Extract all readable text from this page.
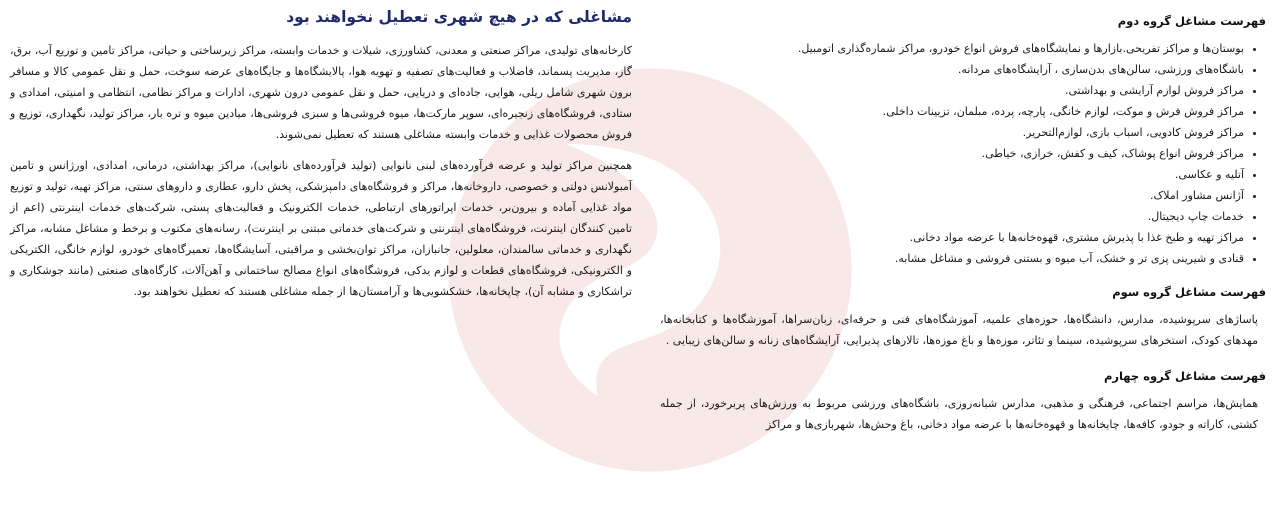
فهرست مشاغل گروه دوم
• بوستان‌ها و مراکز تفریحی.بازارها و نمایشگاه‌های فروش انواع خودرو، مراکز شماره‌گذاری اتومبیل.
• باشگاه‌های ورزشی، سالن‌های بدن‌سازی ، آرایشگاه‌های مردانه.
• مراکز فروش لوازم آرایشی و بهداشتی.
• مراکز فروش فرش و موکت، لوازم خانگی، پارچه، پرده، مبلمان، تزیینات داخلی.
• مراکز فروش کادویی، اسباب بازی، لوازم‌التحریر.
• مراکز فروش انواع پوشاک، کیف و کفش، خرازی، خیاطی.
• آتلیه و عکاسی.
• آژانس مشاور املاک.
• خدمات چاپ دیجیتال.
• مراکز تهیه و طبخ غذا با پذیرش مشتری، قهوه‌خانه‌ها با عرضه مواد دخانی.
• قنادی و شیرینی پزی تر و خشک، آب میوه و بستنی فروشی و مشاغل مشابه.
فهرست مشاغل گروه سوم

پاساژهای سرپوشیده، مدارس، دانشگاه‌ها، حوزه‌های علمیه، آموزشگاه‌های فنی و حرفه‌ای، زبان‌سراها، آموزشگاه‌ها و کتابخانه‌ها، مهدهای کودک، استخرهای سرپوشیده، سینما و تئاتر، موزه‌ها و باغ موزه‌ها، تالارهای پذیرایی، آرایشگاه‌های زنانه و سالن‌های زیبایی .

فهرست مشاغل گروه چهارم

همایش‌ها، مراسم اجتماعی، فرهنگی و مذهبی، مدارس شبانه‌روزی، باشگاه‌های ورزشی مربوط به ورزش‌های پربرخورد، از جمله کشتی، کاراته و جودو، کافه‌ها، چایخانه‌ها و قهوه‌خانه‌ها با عرضه مواد دخانی، باغ وحش‌ها، شهربازی‌ها و مراکز

مشاغلی که در هیچ شهری تعطیل نخواهند بود

کارخانه‌های تولیدی، مراکز صنعتی و معدنی، کشاورزی، شیلات و خدمات وابسته، مراکز زیرساختی و حیاتی، مراکز تامین و توزیع آب، برق، گاز، مدیریت پسماند، فاضلاب و فعالیت‌های تصفیه و تهویه هوا، پالایشگاه‌ها و جایگاه‌های عرضه سوخت، حمل و نقل عمومی کالا و مسافر برون شهری شامل ریلی، هوایی، جاده‌ای و دریایی، حمل و نقل عمومی درون شهری، ادارات و مراکز نظامی، انتظامی و امنیتی، امدادی و ستادی، فروشگاه‌های زنجیره‌ای، سوپر مارکت‌ها، میوه فروشی‌ها و سبزی فروشی‌ها، میادین میوه و تره بار، مراکز تولید، نگهداری، توزیع و فروش محصولات غذایی و خدمات وابسته مشاغلی هستند که تعطیل نمی‌شوند.

همچنین مراکز تولید و عرضه فرآورده‌های لبنی نانوایی (تولید فرآورده‌های نانوایی)، مراکز بهداشتی، درمانی، امدادی، اورژانس و تامین آمبولانس دولتی و خصوصی، داروخانه‌ها، مراکز و فروشگاه‌های دامپزشکی، پخش دارو، عطاری و داروهای سنتی، مراکز تهیه، تولید و توزیع مواد غذایی آماده و بیرون‌بر، خدمات اپراتورهای ارتباطی، خدمات الکترونیک و فعالیت‌های پستی، شرکت‌های خدمات اینترنتی (اعم از تامین کنندگان اینترنت، فروشگاه‌های اینترنتی و شرکت‌های خدماتی مبتنی بر اینترنت)، رسانه‌های مکتوب و برخط و مشاغل مشابه، مراکز نگهداری و خدماتی سالمندان، معلولین، جانبازان، مراکز توان‌بخشی و مراقبتی، آسایشگاه‌ها، تعمیرگاه‌های خودرو، لوازم خانگی، الکتریکی و الکترونیکی، فروشگاه‌های قطعات و لوازم یدکی، فروشگاه‌های انواع مصالح ساختمانی و آهن‌آلات، کارگاه‌های صنعتی (مانند جوشکاری و تراشکاری و مشابه آن)، چاپخانه‌ها، خشکشویی‌ها و آرامستان‌ها از جمله مشاغلی هستند که تعطیل نخواهند بود.
